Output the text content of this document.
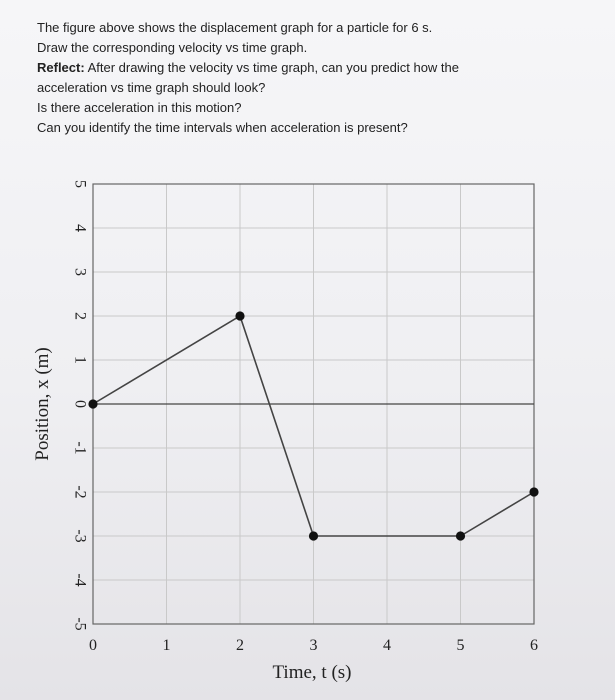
The figure above shows the displacement graph for a particle for 6 s.
Draw the corresponding velocity vs time graph.
Reflect: After drawing the velocity vs time graph, can you predict how the
acceleration vs time graph should look?
Is there acceleration in this motion?
Can you identify the time intervals when acceleration is present?
5
4
3
2
1
0
-1
-2
-3
-4
-5
0	1	2	3	4	5	6
Position, x (m)
Time, t (s)
